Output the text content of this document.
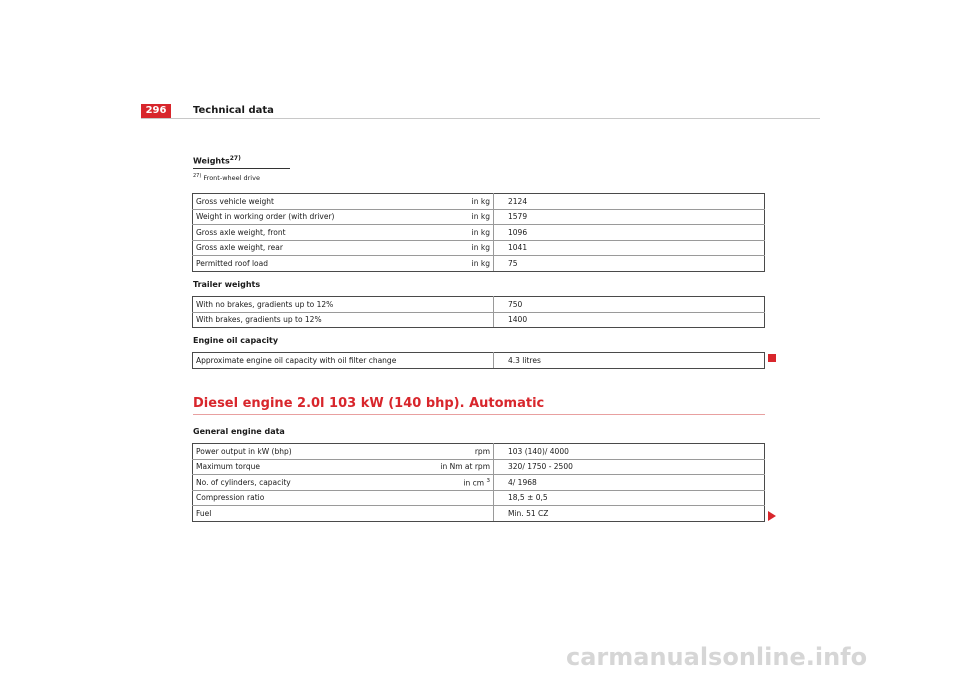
296	Technical data
Weights$^{27)}$
$^{27)}$ Front-wheel drive
Gross vehicle weight	in kg	2124
Weight in working order (with driver)	in kg	1579
Gross axle weight, front	in kg	1096
Gross axle weight, rear	in kg	1041
Permitted roof load	in kg	75
Trailer weights
With no brakes, gradients up to 12%		750
With brakes, gradients up to 12%		1400
Engine oil capacity
Approximate engine oil capacity with oil filter change		4.3 litres
Diesel engine 2.0l 103 kW (140 bhp). Automatic
General engine data
Power output in kW (bhp)	rpm	103 (140)/ 4000
Maximum torque	in Nm at rpm	320/ 1750 - 2500
No. of cylinders, capacity	in cm $^3$	4/ 1968
Compression ratio		18,5 ± 0,5
Fuel		Min. 51 CZ
carmanualsonline.info
